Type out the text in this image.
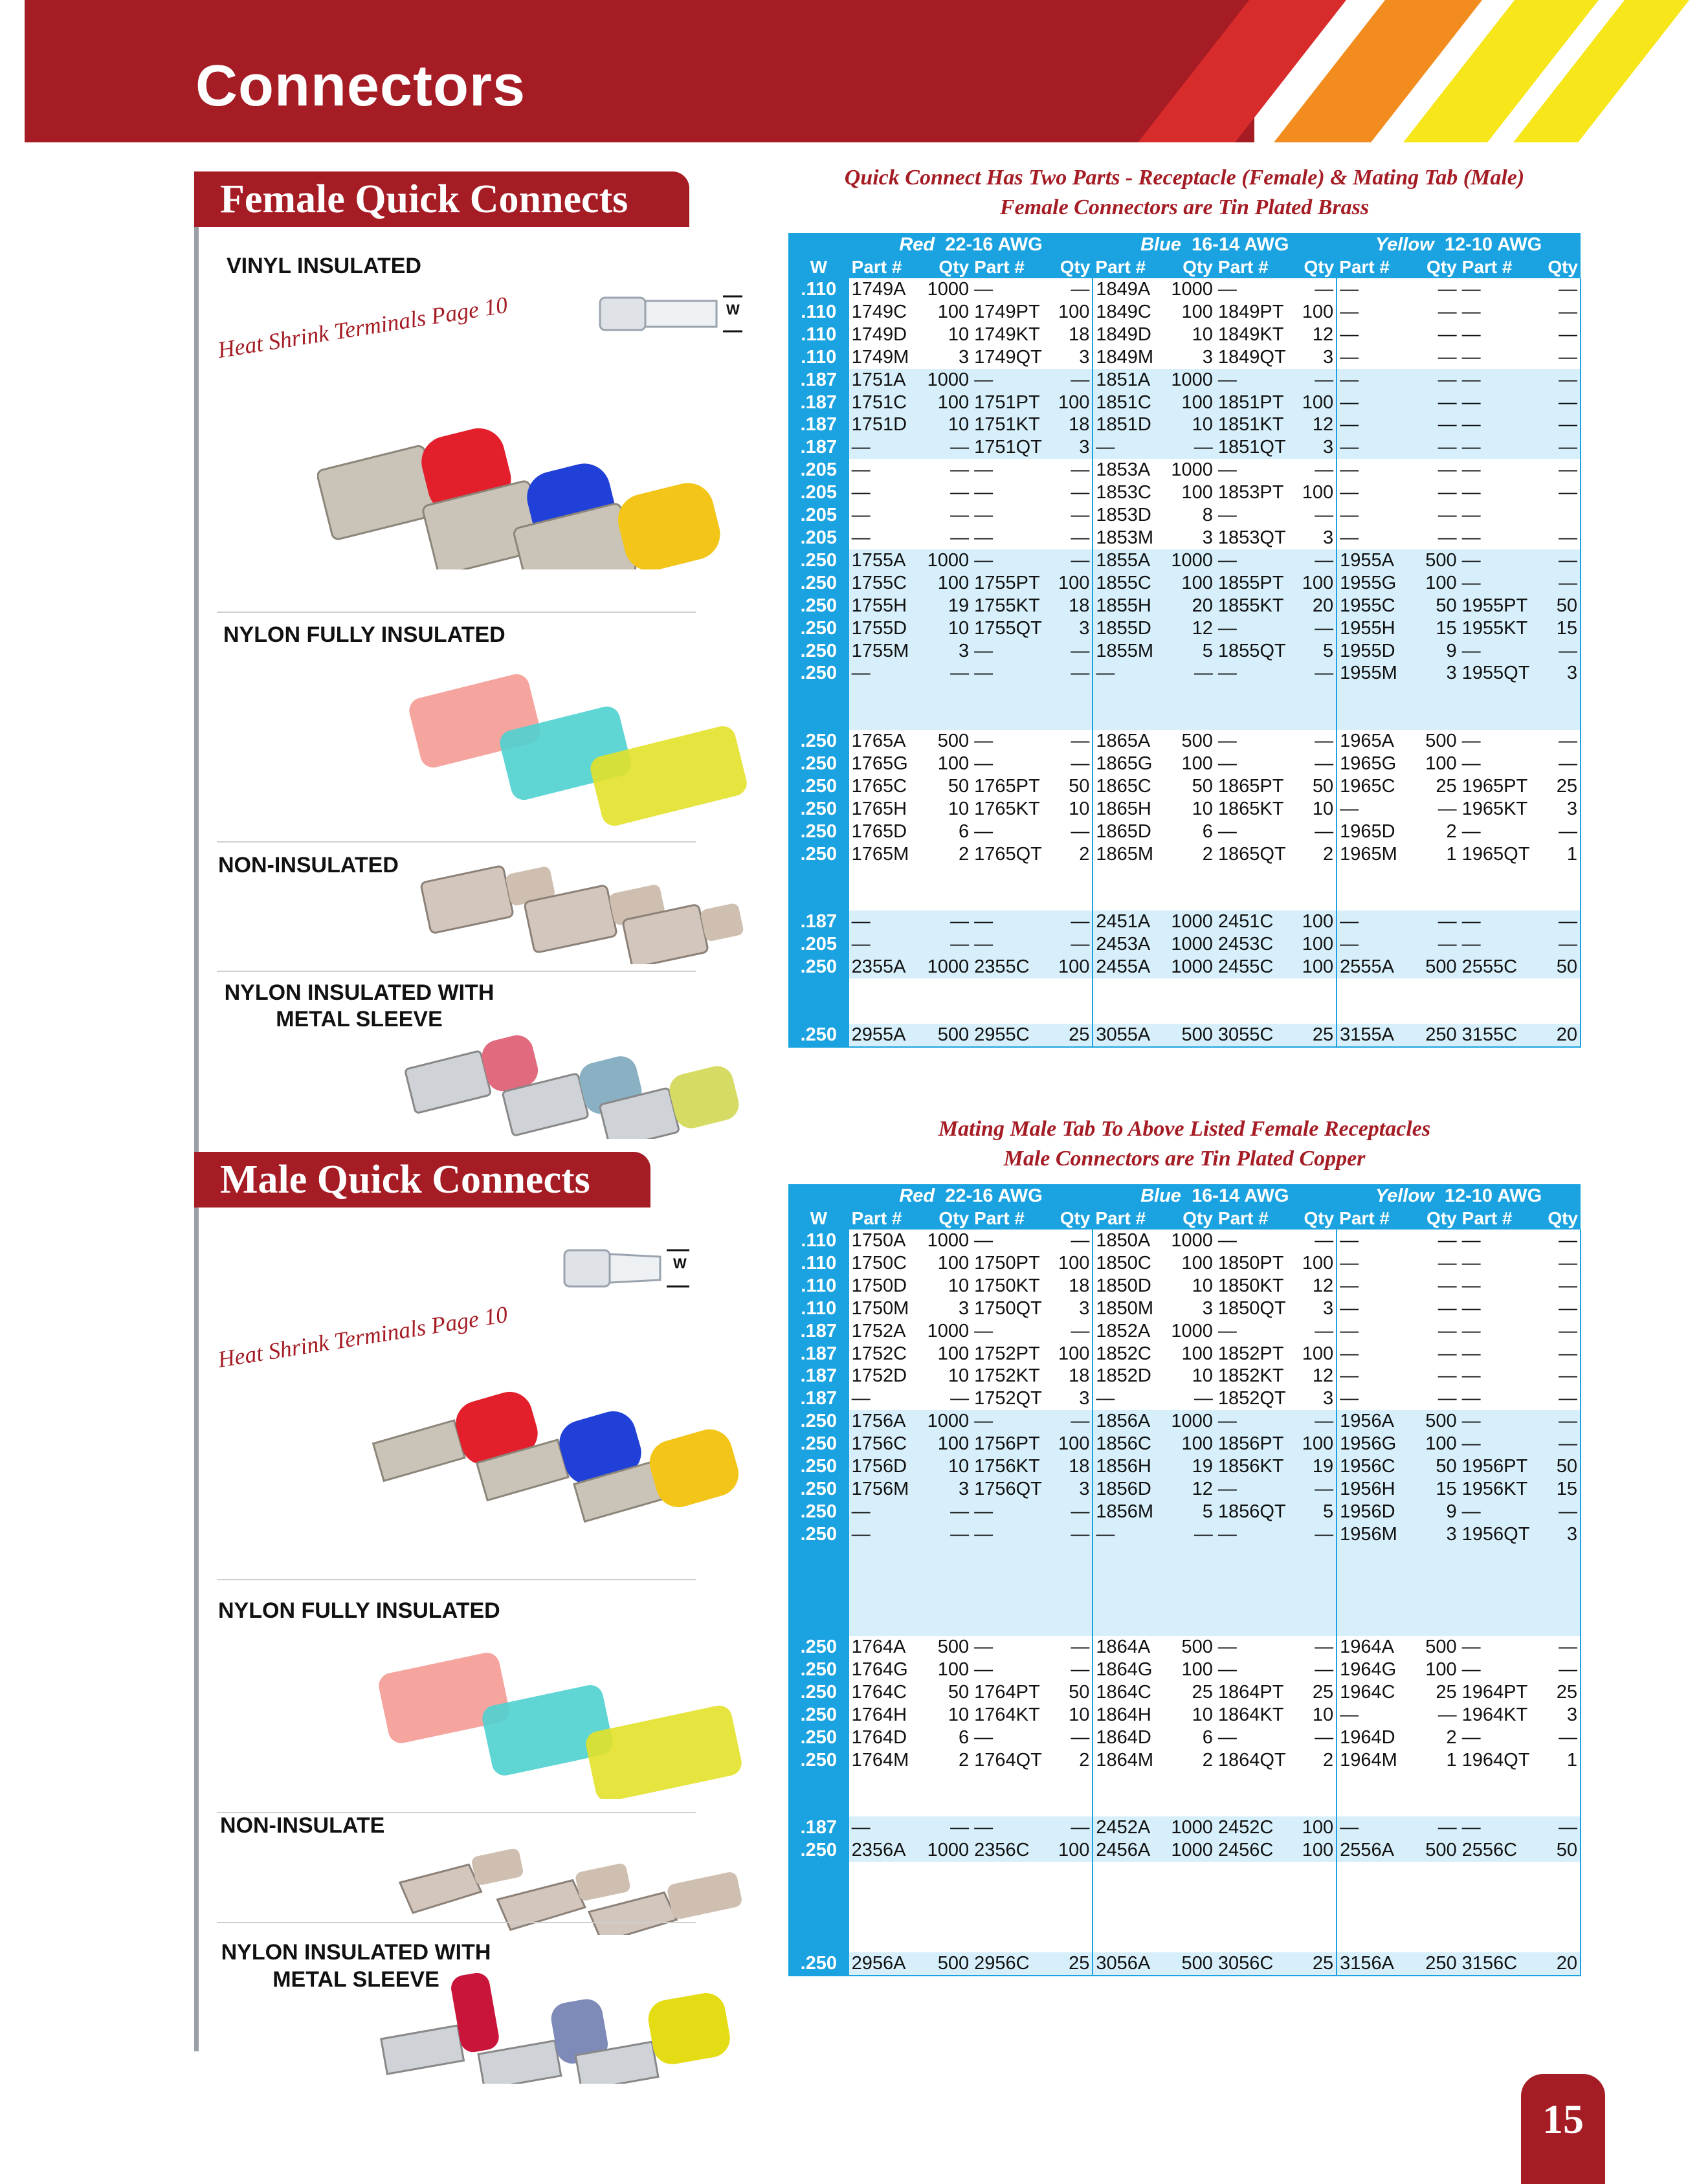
Connectors
Female Quick Connects
VINYL INSULATED
Heat Shrink Terminals Page 10	W
NYLON FULLY INSULATED
NON-INSULATED
NYLON INSULATED WITH
METAL SLEEVE
Quick Connect Has Two Parts - Receptacle (Female) & Mating Tab (Male)
Female Connectors are Tin Plated Brass
	Red 22-16 AWG				Blue 16-14 AWG				Yellow 12-10 AWG			
W	Part #	Qty	Part #	Qty	Part #	Qty	Part #	Qty	Part #	Qty	Part #	Qty
.110	1749A	1000	—	—	1849A	1000	—	—	—	—	—	—
.110	1749C	100	1749PT	100	1849C	100	1849PT	100	—	—	—	—
.110	1749D	10	1749KT	18	1849D	10	1849KT	12	—	—	—	—
.110	1749M	3	1749QT	3	1849M	3	1849QT	3	—	—	—	—
.187	1751A	1000	—	—	1851A	1000	—	—	—	—	—	—
.187	1751C	100	1751PT	100	1851C	100	1851PT	100	—	—	—	—
.187	1751D	10	1751KT	18	1851D	10	1851KT	12	—	—	—	—
.187	—	—	1751QT	3	—	—	1851QT	3	—	—	—	—
.205	—	—	—	—	1853A	1000	—	—	—	—	—	—
.205	—	—	—	—	1853C	100	1853PT	100	—	—	—	—
.205	—	—	—	—	1853D	8	—	—	—	—	—	
.205	—	—	—	—	1853M	3	1853QT	3	—	—	—	—
.250	1755A	1000	—	—	1855A	1000	—	—	1955A	500	—	—
.250	1755C	100	1755PT	100	1855C	100	1855PT	100	1955G	100	—	—
.250	1755H	19	1755KT	18	1855H	20	1855KT	20	1955C	50	1955PT	50
.250	1755D	10	1755QT	3	1855D	12	—	—	1955H	15	1955KT	15
.250	1755M	3	—	—	1855M	5	1855QT	5	1955D	9	—	—
.250	—	—	—	—	—	—	—	—	1955M	3	1955QT	3

.250	1765A	500	—	—	1865A	500	—	—	1965A	500	—	—
.250	1765G	100	—	—	1865G	100	—	—	1965G	100	—	—
.250	1765C	50	1765PT	50	1865C	50	1865PT	50	1965C	25	1965PT	25
.250	1765H	10	1765KT	10	1865H	10	1865KT	10	—	—	1965KT	3
.250	1765D	6	—	—	1865D	6	—	—	1965D	2	—	—
.250	1765M	2	1765QT	2	1865M	2	1865QT	2	1965M	1	1965QT	1

.187	—	—	—	—	2451A	1000	2451C	100	—	—	—	—
.205	—	—	—	—	2453A	1000	2453C	100	—	—	—	—
.250	2355A	1000	2355C	100	2455A	1000	2455C	100	2555A	500	2555C	50

.250	2955A	500	2955C	25	3055A	500	3055C	25	3155A	250	3155C	20
Male Quick Connects
W
Heat Shrink Terminals Page 10
NYLON FULLY INSULATED
NON-INSULATE
NYLON INSULATED WITH
METAL SLEEVE
Mating Male Tab To Above Listed Female Receptacles
Male Connectors are Tin Plated Copper
	Red 22-16 AWG				Blue 16-14 AWG				Yellow 12-10 AWG			
W	Part #	Qty	Part #	Qty	Part #	Qty	Part #	Qty	Part #	Qty	Part #	Qty
.110	1750A	1000	—	—	1850A	1000	—	—	—	—	—	—
.110	1750C	100	1750PT	100	1850C	100	1850PT	100	—	—	—	—
.110	1750D	10	1750KT	18	1850D	10	1850KT	12	—	—	—	—
.110	1750M	3	1750QT	3	1850M	3	1850QT	3	—	—	—	—
.187	1752A	1000	—	—	1852A	1000	—	—	—	—	—	—
.187	1752C	100	1752PT	100	1852C	100	1852PT	100	—	—	—	—
.187	1752D	10	1752KT	18	1852D	10	1852KT	12	—	—	—	—
.187	—	—	1752QT	3	—	—	1852QT	3	—	—	—	—
.250	1756A	1000	—	—	1856A	1000	—	—	1956A	500	—	—
.250	1756C	100	1756PT	100	1856C	100	1856PT	100	1956G	100	—	—
.250	1756D	10	1756KT	18	1856H	19	1856KT	19	1956C	50	1956PT	50
.250	1756M	3	1756QT	3	1856D	12	—	—	1956H	15	1956KT	15
.250	—	—	—	—	1856M	5	1856QT	5	1956D	9	—	—
.250	—	—	—	—	—	—	—	—	1956M	3	1956QT	3

.250	1764A	500	—	—	1864A	500	—	—	1964A	500	—	—
.250	1764G	100	—	—	1864G	100	—	—	1964G	100	—	—
.250	1764C	50	1764PT	50	1864C	25	1864PT	25	1964C	25	1964PT	25
.250	1764H	10	1764KT	10	1864H	10	1864KT	10	—	—	1964KT	3
.250	1764D	6	—	—	1864D	6	—	—	1964D	2	—	—
.250	1764M	2	1764QT	2	1864M	2	1864QT	2	1964M	1	1964QT	1

.187	—	—	—	—	2452A	1000	2452C	100	—	—	—	—
.250	2356A	1000	2356C	100	2456A	1000	2456C	100	2556A	500	2556C	50

.250	2956A	500	2956C	25	3056A	500	3056C	25	3156A	250	3156C	20
15
